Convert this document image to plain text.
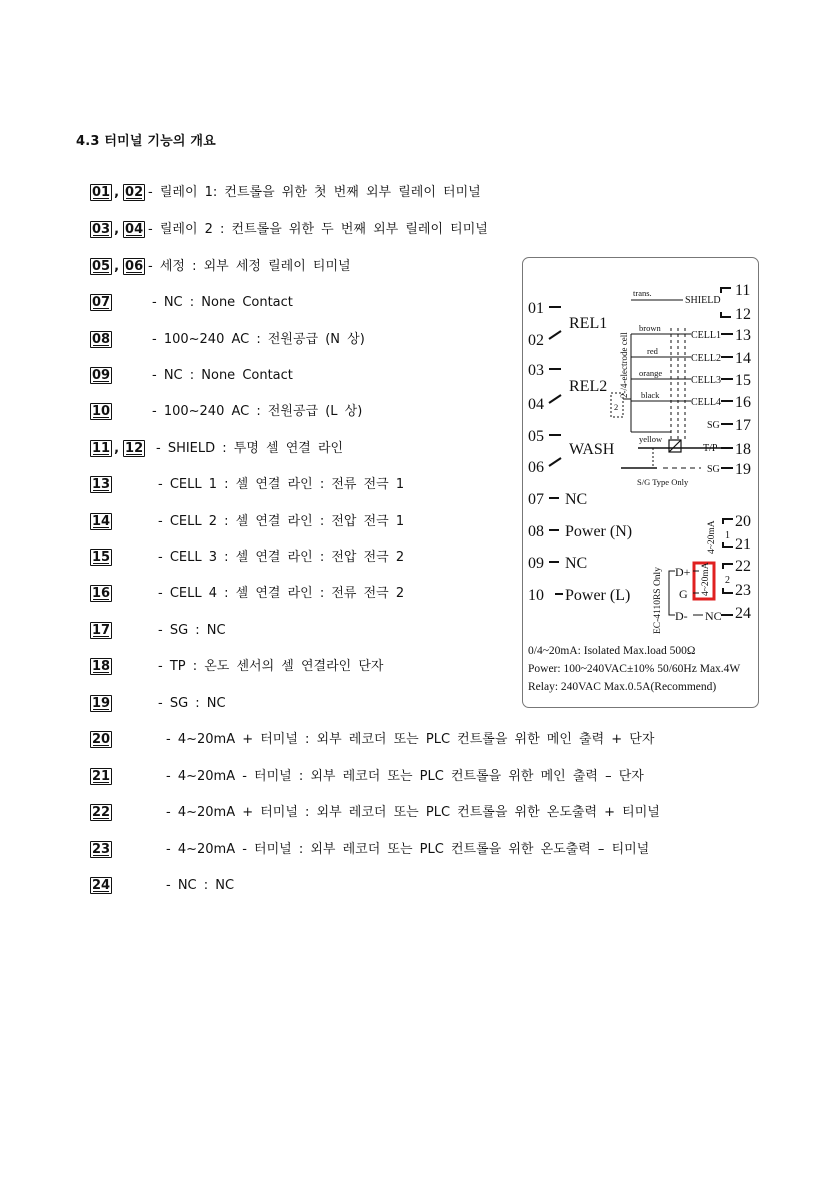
4.3 터미널 기능의 개요
01 , 02 - 릴레이 1: 컨트롤을 위한 첫 번째 외부 릴레이 터미널
03 , 04 - 릴레이 2 : 컨트롤을 위한 두 번째 외부 릴레이 티미널
05 , 06 - 세정 : 외부 세정 릴레이 티미널
07	- NC : None Contact
08	- 100~240 AC : 전원공급 (N 상)
09	- NC : None Contact
10	- 100~240 AC : 전원공급 (L 상)
11 , 12 - SHIELD : 투명 셀 연결 라인
13	- CELL 1 : 셀 연결 라인 : 전류 전극 1
14	- CELL 2 : 셀 연결 라인 : 전압 전극 1
15	- CELL 3 : 셀 연결 라인 : 전압 전극 2
16	- CELL 4 : 셀 연결 라인 : 전류 전극 2
17	- SG : NC
18	- TP : 온도 센서의 셀 연결라인 단자
19	- SG : NC
20	- 4~20mA + 터미널 : 외부 레코더 또는 PLC 컨트롤을 위한 메인 출력 + 단자
21	- 4~20mA - 터미널 : 외부 레코더 또는 PLC 컨트롤을 위한 메인 출력 – 단자
22	- 4~20mA + 터미널 : 외부 레코더 또는 PLC 컨트롤을 위한 온도출력 + 티미널
23	- 4~20mA - 터미널 : 외부 레코더 또는 PLC 컨트롤을 위한 온도출력 – 티미널
24	- NC : NC
01
02
03
04
05
06
07
08
09
10
REL1
REL2
WASH
NC
Power (N)
NC
Power (L)
trans.
brown
red
orange
black
yellow
S/G Type Only
2
2-/4-electrode cell
SHIELD
CELL1
CELL2
CELL3
CELL4
SG
T/P
SG
11
12
13
14
15
16
17
18
19
20
21
22
23
24
4~20mA
EC-4110RS Only
1
2
4~20mA
D+
G
D- NC
0/4~20mA: Isolated Max.load 500Ω
Power: 100~240VAC±10% 50/60Hz Max.4W
Relay: 240VAC Max.0.5A(Recommend)
